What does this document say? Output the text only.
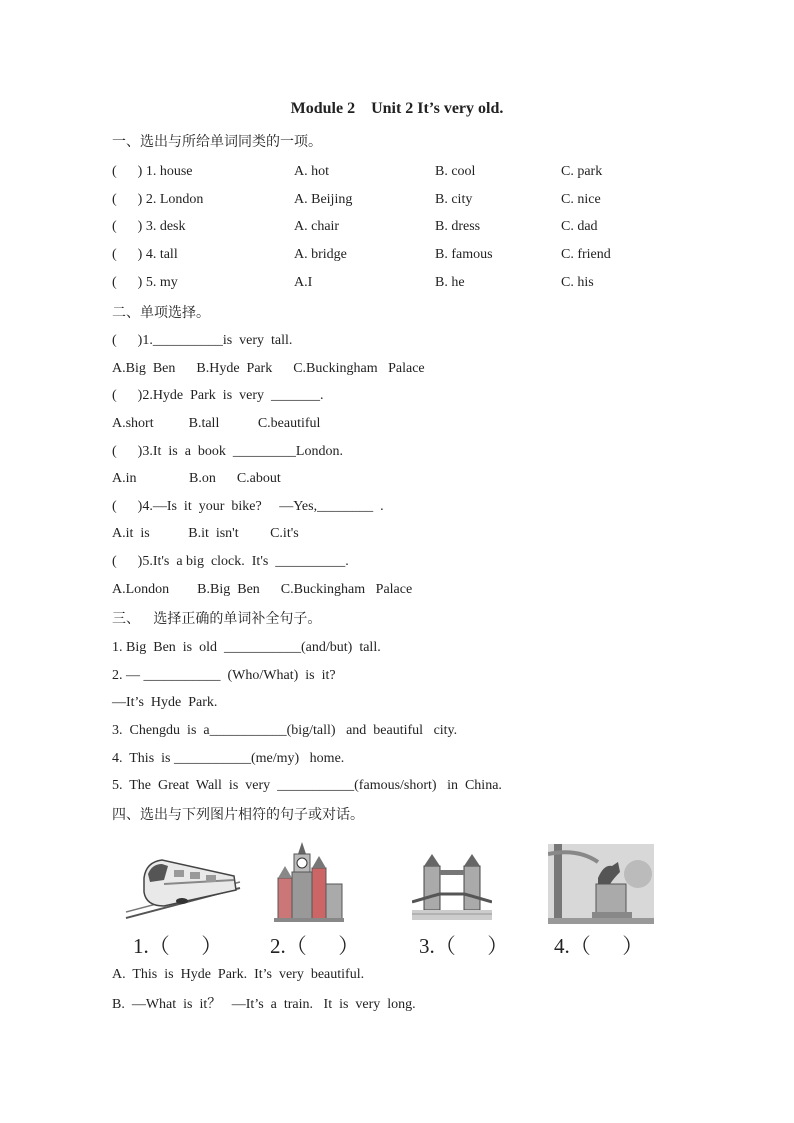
Module 2    Unit 2 It’s very old.
一、选出与所给单词同类的一项。
(      ) 1. house	A. hot	B. cool	C. park
(      ) 2. London	A. Beijing	B. city	C. nice
(      ) 3. desk	A. chair	B. dress	C. dad
(      ) 4. tall	A. bridge	B. famous	C. friend
(      ) 5. my	A.I	B. he	C. his
二、单项选择。
(      )1.__________is  very  tall.
A.Big  Ben      B.Hyde  Park      C.Buckingham   Palace
(      )2.Hyde  Park  is  very  _______.
A.short          B.tall           C.beautiful
(      )3.It  is  a  book  _________London.
A.in               B.on      C.about
(      )4.—Is  it  your  bike?     —Yes,________  .
A.it  is           B.it  isn't         C.it's
(      )5.It's  a big  clock.  It's  __________.
A.London        B.Big  Ben      C.Buckingham   Palace
三、   选择正确的单词补全句子。
1. Big  Ben  is  old  ___________(and/but)  tall.
2. — ___________  (Who/What)  is  it?
—It’s  Hyde  Park.
3.  Chengdu  is  a___________(big/tall)   and  beautiful   city.
4.  This  is ___________(me/my)   home.
5.  The  Great  Wall  is  very  ___________(famous/short)   in  China.
四、选出与下列图片相符的句子或对话。
1.（      ） 2.（      ）	3.（      ） 4.（      ）
A.  This  is  Hyde  Park.  It’s  very  beautiful.
B.  —What  is  it？   —It’s  a  train.   It  is  very  long.
